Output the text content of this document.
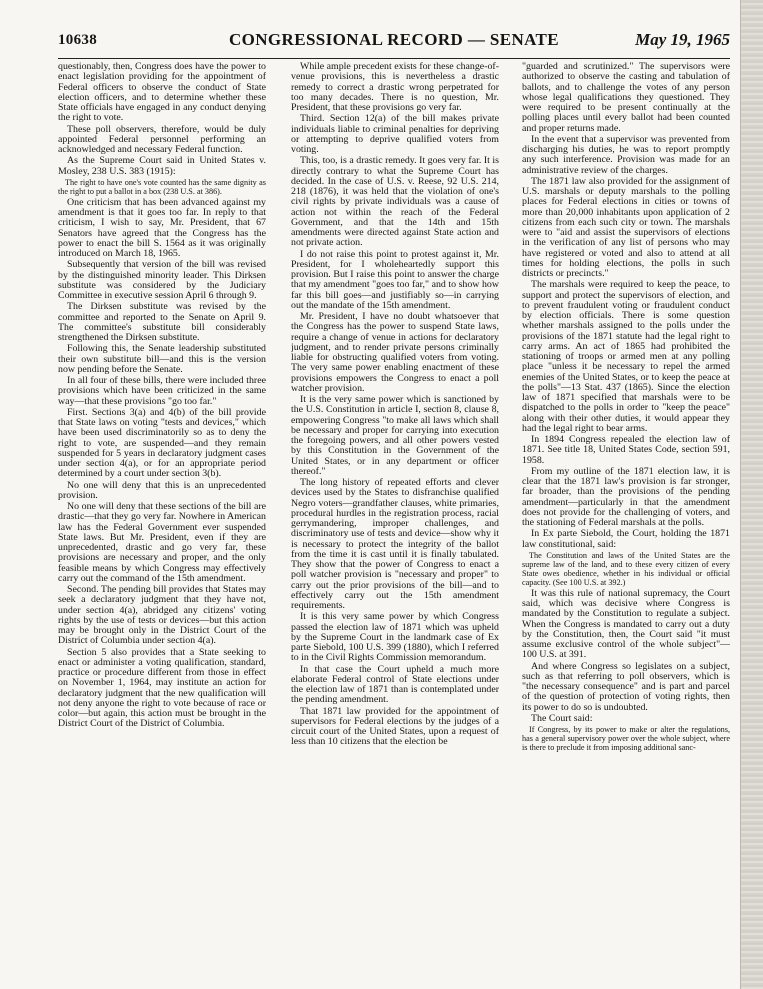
10638	CONGRESSIONAL RECORD — SENATE	May 19, 1965

questionably, then, Congress does have the power to enact legislation providing for the appointment of Federal officers to observe the conduct of State election officers, and to determine whether these State officials have engaged in any conduct denying the right to vote.

These poll observers, therefore, would be duly appointed Federal personnel performing an acknowledged and necessary Federal function.

As the Supreme Court said in United States v. Mosley, 238 U.S. 383 (1915):

The right to have one's vote counted has the same dignity as the right to put a ballot in a box (238 U.S. at 386).

One criticism that has been advanced against my amendment is that it goes too far. In reply to that criticism, I wish to say, Mr. President, that 67 Senators have agreed that the Congress has the power to enact the bill S. 1564 as it was originally introduced on March 18, 1965.

Subsequently that version of the bill was revised by the distinguished minority leader. This Dirksen substitute was considered by the Judiciary Committee in executive session April 6 through 9.

The Dirksen substitute was revised by the committee and reported to the Senate on April 9. The committee's substitute bill considerably strengthened the Dirksen substitute.

Following this, the Senate leadership substituted their own substitute bill—and this is the version now pending before the Senate.

In all four of these bills, there were included three provisions which have been criticized in the same way—that these provisions "go too far."

First. Sections 3(a) and 4(b) of the bill provide that State laws on voting "tests and devices," which have been used discriminatorily so as to deny the right to vote, are suspended—and they remain suspended for 5 years in declaratory judgment cases under section 4(a), or for an appropriate period determined by a court under section 3(b).

No one will deny that this is an unprecedented provision.

No one will deny that these sections of the bill are drastic—that they go very far. Nowhere in American law has the Federal Government ever suspended State laws. But Mr. President, even if they are unprecedented, drastic and go very far, these provisions are necessary and proper, and the only feasible means by which Congress may effectively carry out the command of the 15th amendment.

Second. The pending bill provides that States may seek a declaratory judgment that they have not, under section 4(a), abridged any citizens' voting rights by the use of tests or devices—but this action may be brought only in the District Court of the District of Columbia under section 4(a).

Section 5 also provides that a State seeking to enact or administer a voting qualification, standard, practice or procedure different from those in effect on November 1, 1964, may institute an action for declaratory judgment that the new qualification will not deny anyone the right to vote because of race or color—but again, this action must be brought in the District Court of the District of Columbia.

While ample precedent exists for these change-of-venue provisions, this is nevertheless a drastic remedy to correct a drastic wrong perpetrated for too many decades. There is no question, Mr. President, that these provisions go very far.

Third. Section 12(a) of the bill makes private individuals liable to criminal penalties for depriving or attempting to deprive qualified voters from voting.

This, too, is a drastic remedy. It goes very far. It is directly contrary to what the Supreme Court has decided. In the case of U.S. v. Reese, 92 U.S. 214, 218 (1876), it was held that the violation of one's civil rights by private individuals was a cause of action not within the reach of the Federal Government, and that the 14th and 15th amendments were directed against State action and not private action.

I do not raise this point to protest against it, Mr. President, for I wholeheartedly support this provision. But I raise this point to answer the charge that my amendment "goes too far," and to show how far this bill goes—and justifiably so—in carrying out the mandate of the 15th amendment.

Mr. President, I have no doubt whatsoever that the Congress has the power to suspend State laws, require a change of venue in actions for declaratory judgment, and to render private persons criminally liable for obstructing qualified voters from voting. The very same power enabling enactment of these provisions empowers the Congress to enact a poll watcher provision.

It is the very same power which is sanctioned by the U.S. Constitution in article I, section 8, clause 8, empowering Congress "to make all laws which shall be necessary and proper for carrying into execution the foregoing powers, and all other powers vested by this Constitution in the Government of the United States, or in any department or officer thereof."

The long history of repeated efforts and clever devices used by the States to disfranchise qualified Negro voters—grandfather clauses, white primaries, procedural hurdles in the registration process, racial gerrymandering, improper challenges, and discriminatory use of tests and device—show why it is necessary to protect the integrity of the ballot from the time it is cast until it is finally tabulated. They show that the power of Congress to enact a poll watcher provision is "necessary and proper" to carry out the prior provisions of the bill—and to effectively carry out the 15th amendment requirements.

It is this very same power by which Congress passed the election law of 1871 which was upheld by the Supreme Court in the landmark case of Ex parte Siebold, 100 U.S. 399 (1880), which I referred to in the Civil Rights Commission memorandum.

In that case the Court upheld a much more elaborate Federal control of State elections under the election law of 1871 than is contemplated under the pending amendment.

That 1871 law provided for the appointment of supervisors for Federal elections by the judges of a circuit court of the United States, upon a request of less than 10 citizens that the election be

"guarded and scrutinized." The supervisors were authorized to observe the casting and tabulation of ballots, and to challenge the votes of any person whose legal qualifications they questioned. They were required to be present continually at the polling places until every ballot had been counted and proper returns made.

In the event that a supervisor was prevented from discharging his duties, he was to report promptly any such interference. Provision was made for an administrative review of the charges.

The 1871 law also provided for the assignment of U.S. marshals or deputy marshals to the polling places for Federal elections in cities or towns of more than 20,000 inhabitants upon application of 2 citizens from each such city or town. The marshals were to "aid and assist the supervisors of elections in the verification of any list of persons who may have registered or voted and also to attend at all times for holding elections, the polls in such districts or precincts."

The marshals were required to keep the peace, to support and protect the supervisors of election, and to prevent fraudulent voting or fraudulent conduct by election officials. There is some question whether marshals assigned to the polls under the provisions of the 1871 statute had the legal right to carry arms. An act of 1865 had prohibited the stationing of troops or armed men at any polling place "unless it be necessary to repel the armed enemies of the United States, or to keep the peace at the polls"—13 Stat. 437 (1865). Since the election law of 1871 specified that marshals were to be dispatched to the polls in order to "keep the peace" along with their other duties, it would appear they had the legal right to bear arms.

In 1894 Congress repealed the election law of 1871. See title 18, United States Code, section 591, 1958.

From my outline of the 1871 election law, it is clear that the 1871 law's provision is far stronger, far broader, than the provisions of the pending amendment—particularly in that the amendment does not provide for the challenging of voters, and the stationing of Federal marshals at the polls.

In Ex parte Siebold, the Court, holding the 1871 law constitutional, said:

The Constitution and laws of the United States are the supreme law of the land, and to these every citizen of every State owes obedience, whether in his individual or official capacity. (See 100 U.S. at 392.)

It was this rule of national supremacy, the Court said, which was decisive where Congress is mandated by the Constitution to regulate a subject. When the Congress is mandated to carry out a duty by the Constitution, then, the Court said "it must assume exclusive control of the whole subject"—100 U.S. at 391.

And where Congress so legislates on a subject, such as that referring to poll observers, which is "the necessary consequence" and is part and parcel of the question of protection of voting rights, then its power to do so is undoubted.

The Court said:

If Congress, by its power to make or alter the regulations, has a general supervisory power over the whole subject, where is there to preclude it from imposing additional sanc-
